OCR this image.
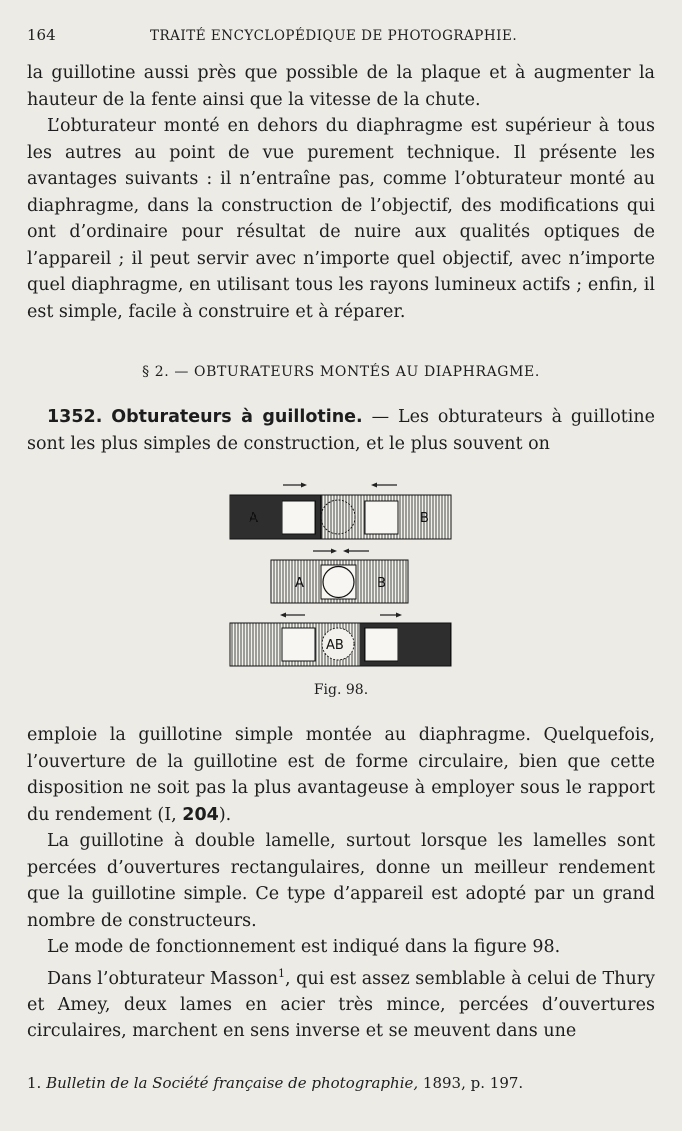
164	TRAITÉ ENCYCLOPÉDIQUE DE PHOTOGRAPHIE.

la guillotine aussi près que possible de la plaque et à augmenter la hauteur de la fente ainsi que la vitesse de la chute.

L’obturateur monté en dehors du diaphragme est supérieur à tous les autres au point de vue purement technique. Il présente les avantages suivants : il n’entraîne pas, comme l’obturateur monté au diaphragme, dans la construction de l’objectif, des modifications qui ont d’ordinaire pour résultat de nuire aux qualités optiques de l’appareil ; il peut servir avec n’importe quel objectif, avec n’importe quel diaphragme, en utilisant tous les rayons lumineux actifs ; enfin, il est simple, facile à construire et à réparer.

§ 2. — OBTURATEURS MONTÉS AU DIAPHRAGME.

1352. Obturateurs à guillotine. — Les obturateurs à guillotine sont les plus simples de construction, et le plus souvent on

A	B
A	B
AB
Fig. 98.

emploie la guillotine simple montée au diaphragme. Quelquefois, l’ouverture de la guillotine est de forme circulaire, bien que cette disposition ne soit pas la plus avantageuse à employer sous le rapport du rendement (I, 204).

La guillotine à double lamelle, surtout lorsque les lamelles sont percées d’ouvertures rectangulaires, donne un meilleur rendement que la guillotine simple. Ce type d’appareil est adopté par un grand nombre de constructeurs.

Le mode de fonctionnement est indiqué dans la figure 98.

Dans l’obturateur Masson$^1$, qui est assez semblable à celui de Thury et Amey, deux lames en acier très mince, percées d’ouvertures circulaires, marchent en sens inverse et se meuvent dans une

1. Bulletin de la Société française de photographie, 1893, p. 197.
